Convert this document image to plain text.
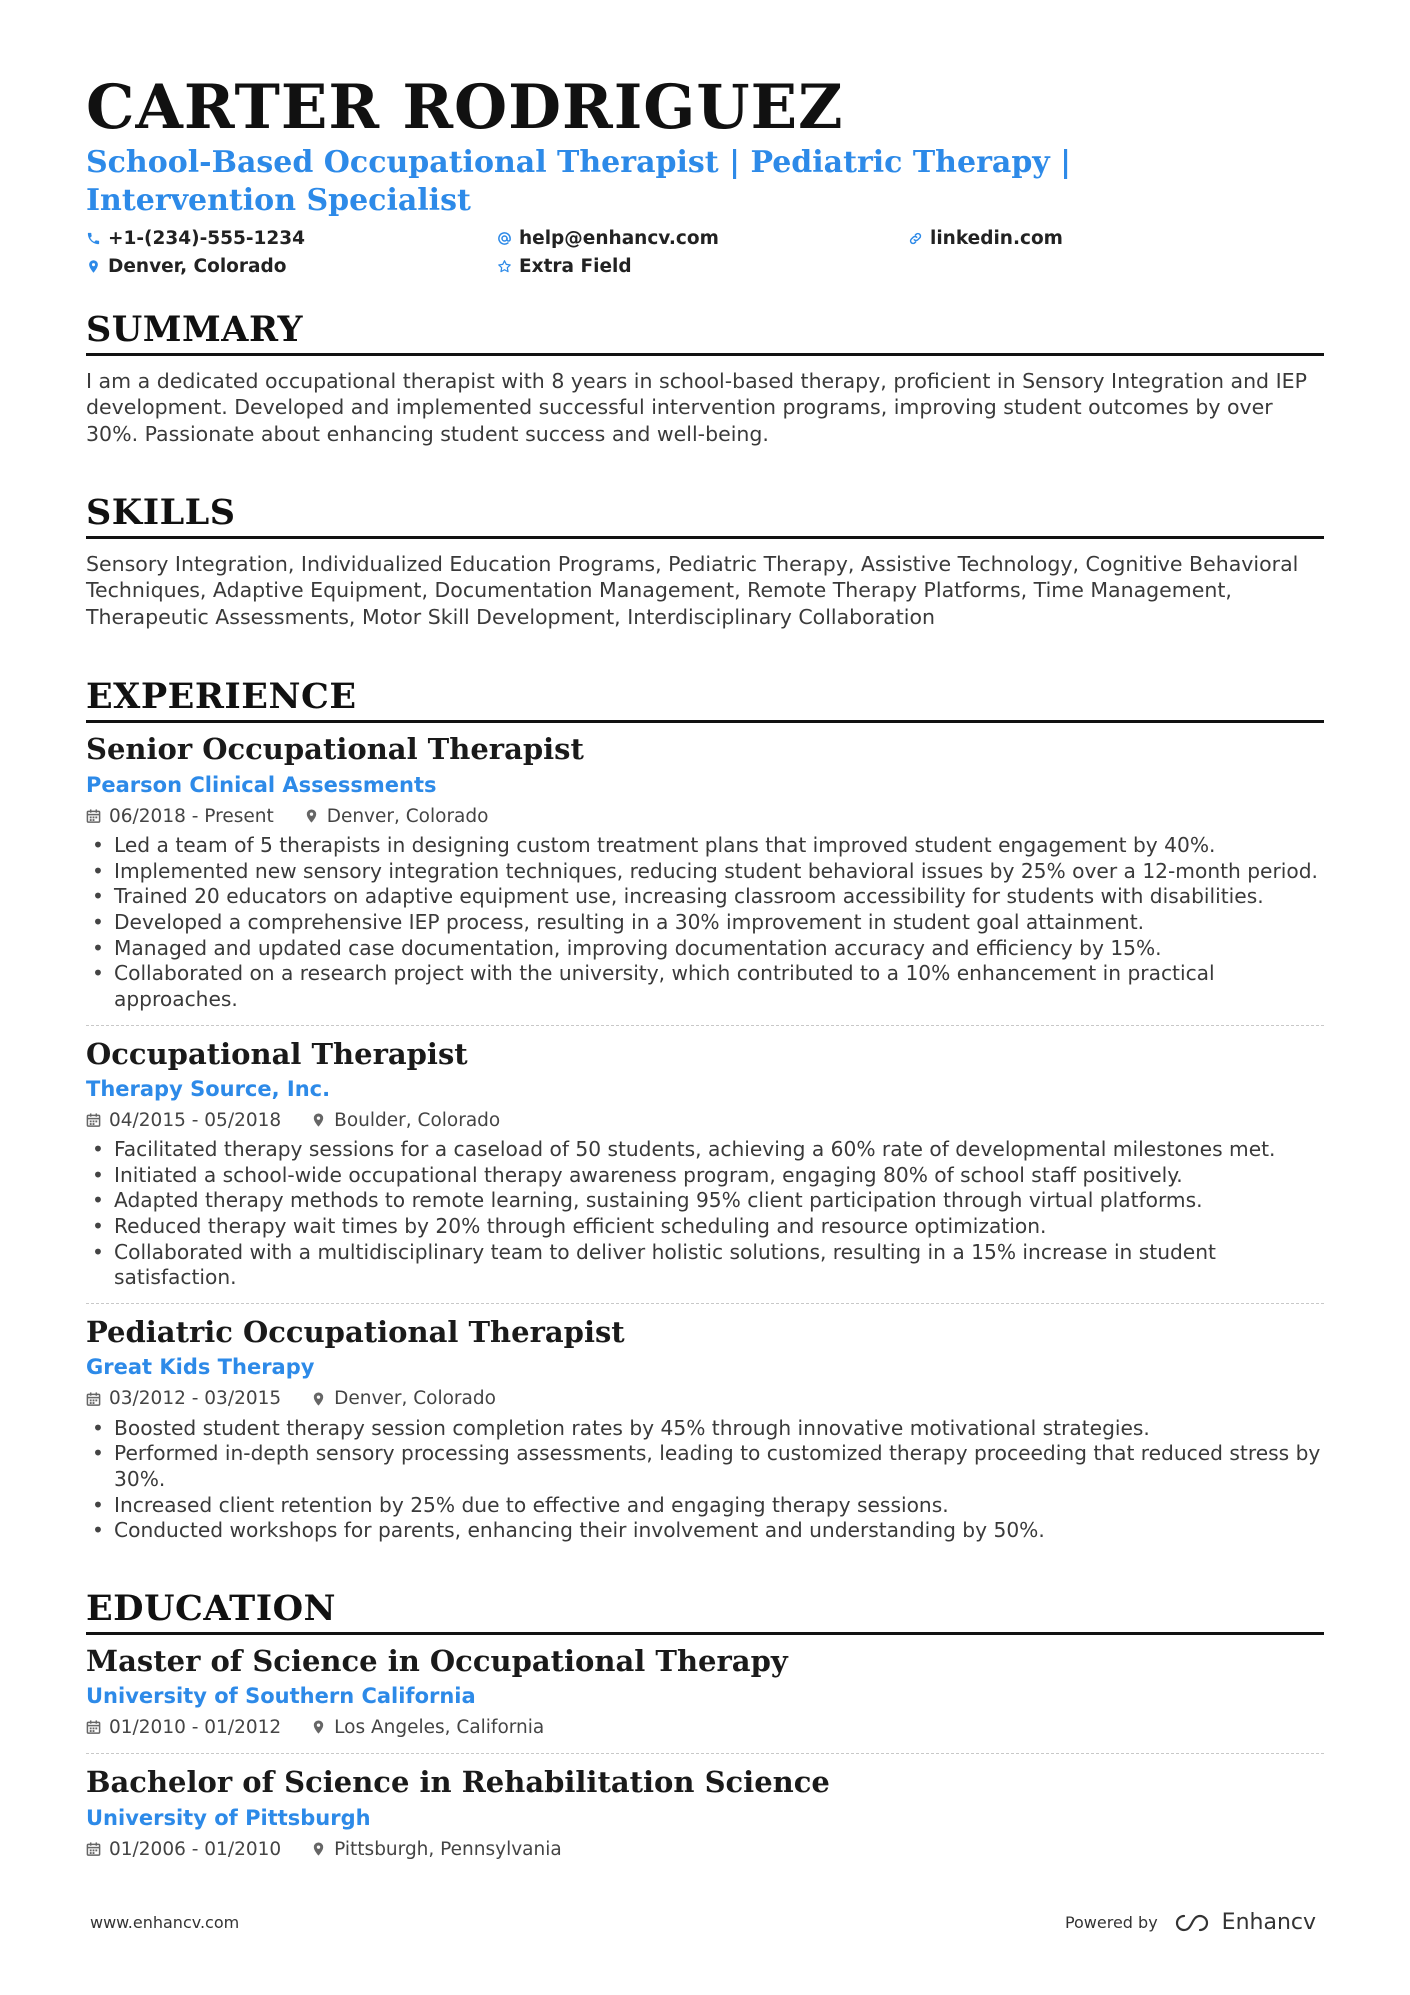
CARTER RODRIGUEZ
School-Based Occupational Therapist | Pediatric Therapy | Intervention Specialist
+1-(234)-555-1234	help@enhancv.com	linkedin.com
Denver, Colorado	Extra Field
SUMMARY

I am a dedicated occupational therapist with 8 years in school-based therapy, proficient in Sensory Integration and IEP development. Developed and implemented successful intervention programs, improving student outcomes by over 30%. Passionate about enhancing student success and well-being.

SKILLS

Sensory Integration, Individualized Education Programs, Pediatric Therapy, Assistive Technology, Cognitive Behavioral Techniques, Adaptive Equipment, Documentation Management, Remote Therapy Platforms, Time Management, Therapeutic Assessments, Motor Skill Development, Interdisciplinary Collaboration

EXPERIENCE
Senior Occupational Therapist
Pearson Clinical Assessments
06/2018 - Present	Denver, Colorado
• Led a team of 5 therapists in designing custom treatment plans that improved student engagement by 40%.
• Implemented new sensory integration techniques, reducing student behavioral issues by 25% over a 12-month period.
• Trained 20 educators on adaptive equipment use, increasing classroom accessibility for students with disabilities.
• Developed a comprehensive IEP process, resulting in a 30% improvement in student goal attainment.
• Managed and updated case documentation, improving documentation accuracy and efficiency by 15%.
• Collaborated on a research project with the university, which contributed to a 10% enhancement in practical approaches.
Occupational Therapist
Therapy Source, Inc.
04/2015 - 05/2018	Boulder, Colorado
• Facilitated therapy sessions for a caseload of 50 students, achieving a 60% rate of developmental milestones met.
• Initiated a school-wide occupational therapy awareness program, engaging 80% of school staff positively.
• Adapted therapy methods to remote learning, sustaining 95% client participation through virtual platforms.
• Reduced therapy wait times by 20% through efficient scheduling and resource optimization.
• Collaborated with a multidisciplinary team to deliver holistic solutions, resulting in a 15% increase in student satisfaction.
Pediatric Occupational Therapist
Great Kids Therapy
03/2012 - 03/2015	Denver, Colorado
• Boosted student therapy session completion rates by 45% through innovative motivational strategies.
• Performed in-depth sensory processing assessments, leading to customized therapy proceeding that reduced stress by 30%.
• Increased client retention by 25% due to effective and engaging therapy sessions.
• Conducted workshops for parents, enhancing their involvement and understanding by 50%.
EDUCATION
Master of Science in Occupational Therapy
University of Southern California
01/2010 - 01/2012	Los Angeles, California
Bachelor of Science in Rehabilitation Science
University of Pittsburgh
01/2006 - 01/2010	Pittsburgh, Pennsylvania
www.enhancv.com	Powered by	Enhancv
